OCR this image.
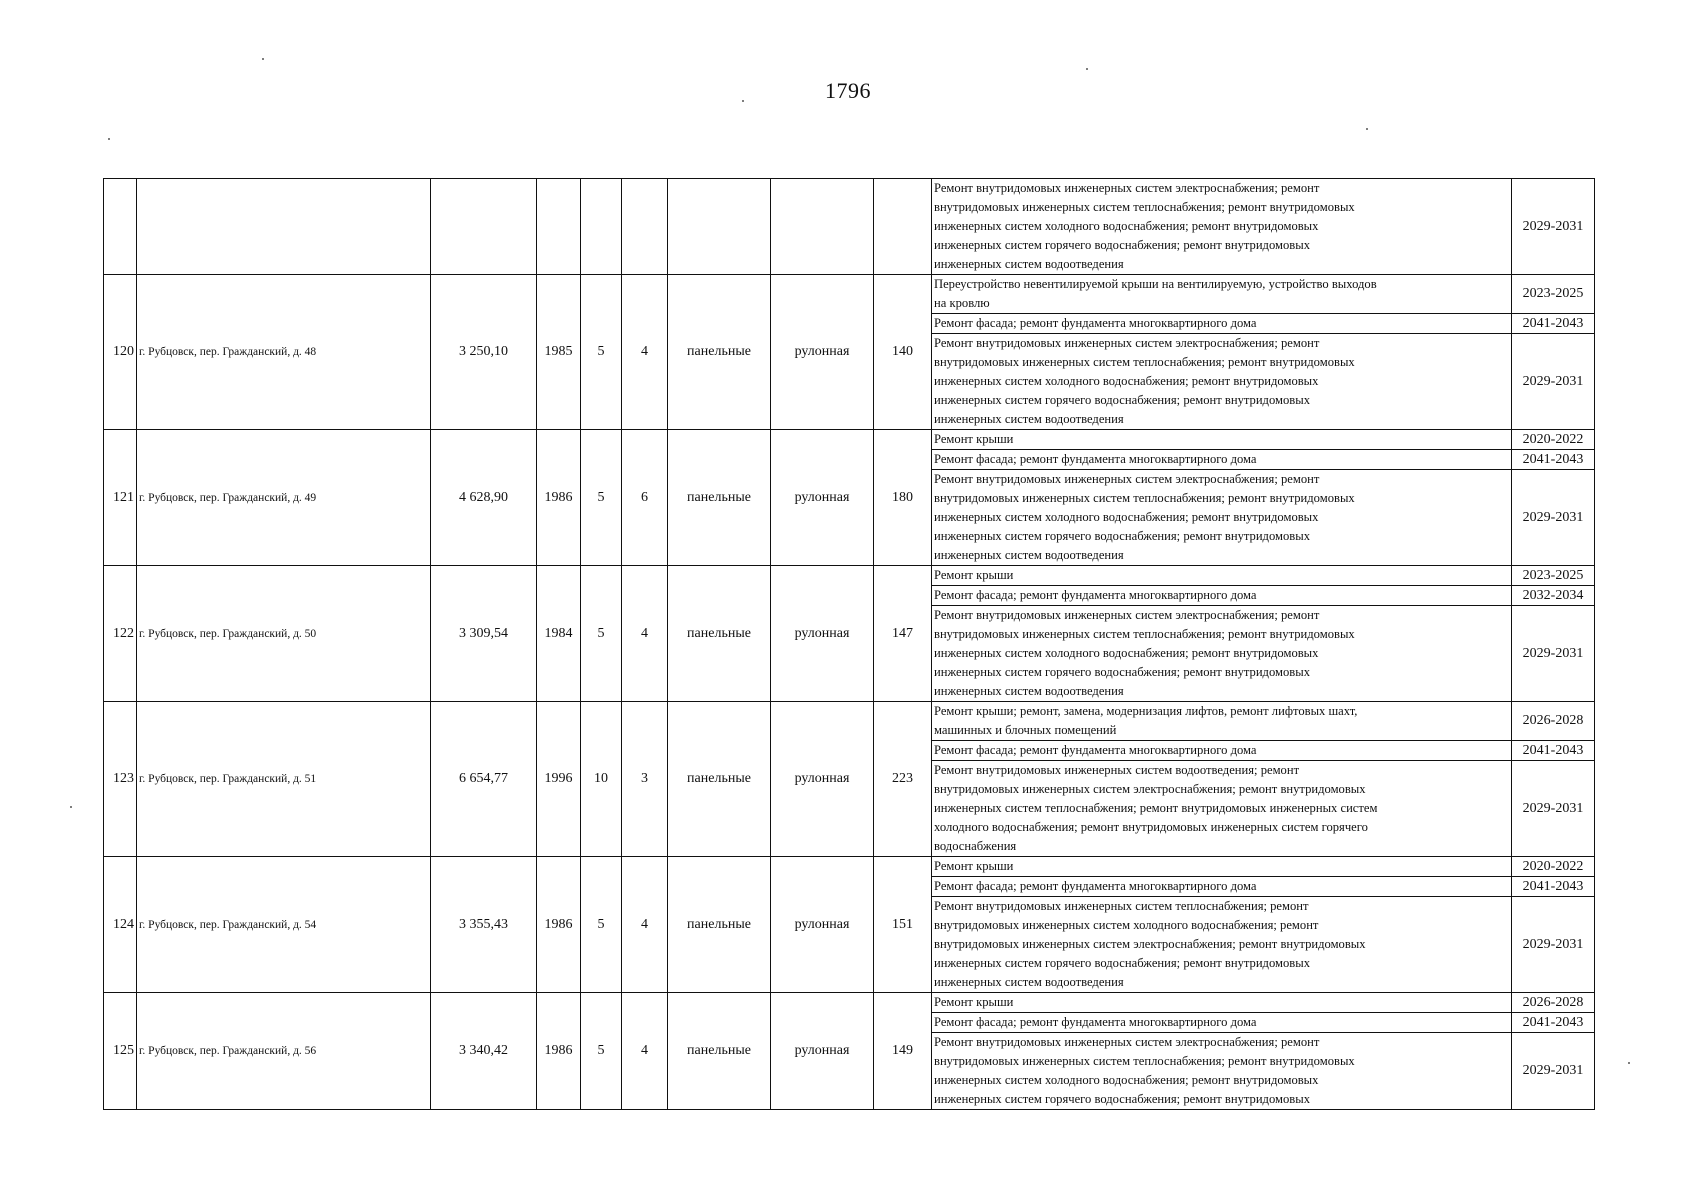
1796

									Ремонт внутридомовых инженерных систем электроснабжения; ремонт
внутридомовых инженерных систем теплоснабжения; ремонт внутридомовых
инженерных систем холодного водоснабжения; ремонт внутридомовых
инженерных систем горячего водоснабжения; ремонт внутридомовых
инженерных систем водоотведения	2029-2031
120	г. Рубцовск, пер. Гражданский, д. 48	3 250,10	1985	5	4	панельные	рулонная	140	Переустройство невентилируемой крыши на вентилируемую, устройство выходов
на кровлю	2023-2025

									Ремонт фасада; ремонт фундамента многоквартирного дома	2041-2043

									Ремонт внутридомовых инженерных систем электроснабжения; ремонт
внутридомовых инженерных систем теплоснабжения; ремонт внутридомовых
инженерных систем холодного водоснабжения; ремонт внутридомовых
инженерных систем горячего водоснабжения; ремонт внутридомовых
инженерных систем водоотведения	2029-2031
121	г. Рубцовск, пер. Гражданский, д. 49	4 628,90	1986	5	6	панельные	рулонная	180	Ремонт крыши	2020-2022

									Ремонт фасада; ремонт фундамента многоквартирного дома	2041-2043

									Ремонт внутридомовых инженерных систем электроснабжения; ремонт
внутридомовых инженерных систем теплоснабжения; ремонт внутридомовых
инженерных систем холодного водоснабжения; ремонт внутридомовых
инженерных систем горячего водоснабжения; ремонт внутридомовых
инженерных систем водоотведения	2029-2031
122	г. Рубцовск, пер. Гражданский, д. 50	3 309,54	1984	5	4	панельные	рулонная	147	Ремонт крыши	2023-2025

									Ремонт фасада; ремонт фундамента многоквартирного дома	2032-2034

									Ремонт внутридомовых инженерных систем электроснабжения; ремонт
внутридомовых инженерных систем теплоснабжения; ремонт внутридомовых
инженерных систем холодного водоснабжения; ремонт внутридомовых
инженерных систем горячего водоснабжения; ремонт внутридомовых
инженерных систем водоотведения	2029-2031
123	г. Рубцовск, пер. Гражданский, д. 51	6 654,77	1996	10	3	панельные	рулонная	223	Ремонт крыши; ремонт, замена, модернизация лифтов, ремонт лифтовых шахт,
машинных и блочных помещений	2026-2028

									Ремонт фасада; ремонт фундамента многоквартирного дома	2041-2043

									Ремонт внутридомовых инженерных систем водоотведения; ремонт
внутридомовых инженерных систем электроснабжения; ремонт внутридомовых
инженерных систем теплоснабжения; ремонт внутридомовых инженерных систем
холодного водоснабжения; ремонт внутридомовых инженерных систем горячего
водоснабжения	2029-2031
124	г. Рубцовск, пер. Гражданский, д. 54	3 355,43	1986	5	4	панельные	рулонная	151	Ремонт крыши	2020-2022

									Ремонт фасада; ремонт фундамента многоквартирного дома	2041-2043

									Ремонт внутридомовых инженерных систем теплоснабжения; ремонт
внутридомовых инженерных систем холодного водоснабжения; ремонт
внутридомовых инженерных систем электроснабжения; ремонт внутридомовых
инженерных систем горячего водоснабжения; ремонт внутридомовых
инженерных систем водоотведения	2029-2031
125	г. Рубцовск, пер. Гражданский, д. 56	3 340,42	1986	5	4	панельные	рулонная	149	Ремонт крыши	2026-2028

									Ремонт фасада; ремонт фундамента многоквартирного дома	2041-2043

									Ремонт внутридомовых инженерных систем электроснабжения; ремонт
внутридомовых инженерных систем теплоснабжения; ремонт внутридомовых
инженерных систем холодного водоснабжения; ремонт внутридомовых
инженерных систем горячего водоснабжения; ремонт внутридомовых	2029-2031
